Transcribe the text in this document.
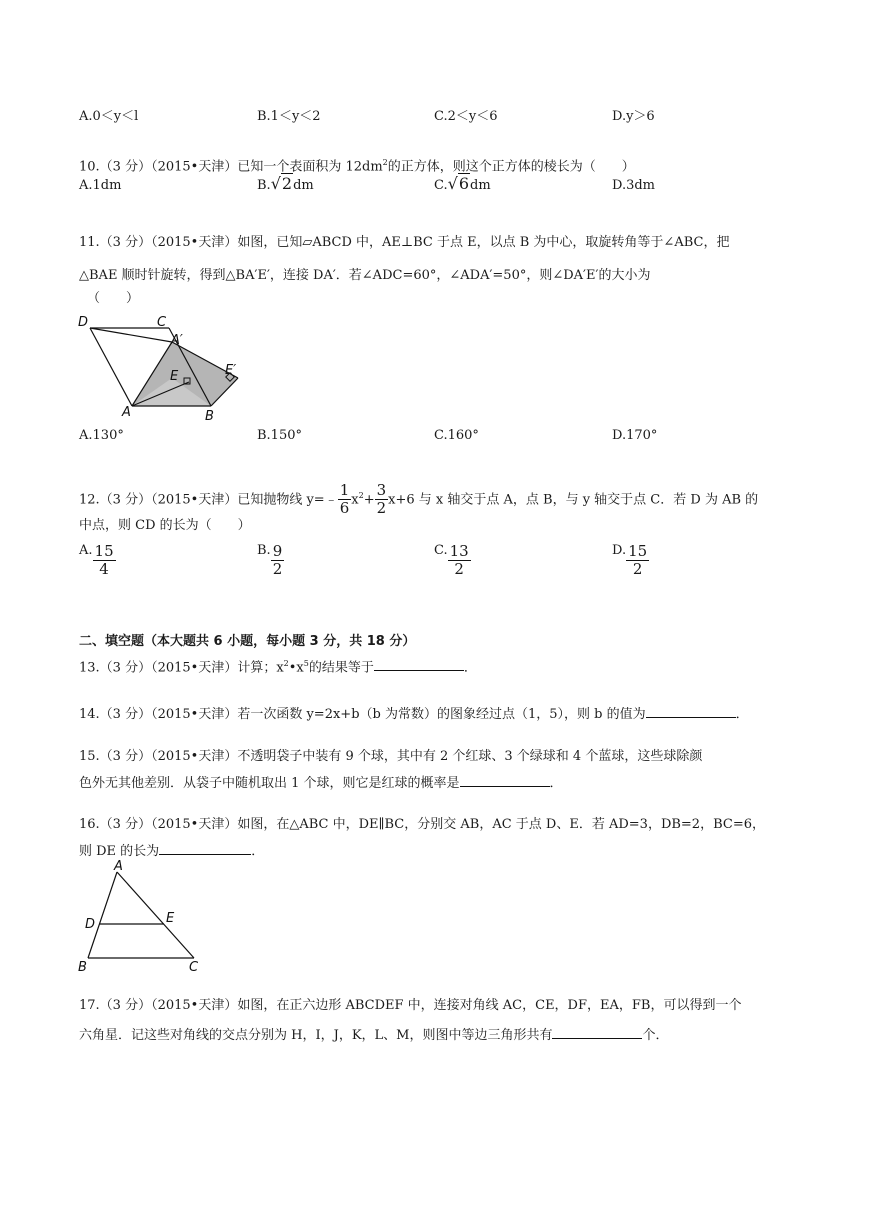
A.0＜y＜l	B.1＜y＜2	C.2＜y＜6	D.y＞6
10.（3 分）（2015•天津）已知一个表面积为 $12dm^2$的正方体，则这个正方体的棱长为（　　）
A.1dm	B.√2dm	C.√6dm	D.3dm
11.（3 分）（2015•天津）如图，已知▱ABCD 中，AE⊥BC 于点 E，以点 B 为中心，取旋转角等于∠ABC，把
△BAE 顺时针旋转，得到△BA′E′，连接 DA′．若∠ADC=60°，∠ADA′=50°，则∠DA′E′的大小为
（　　）
D	C
A′
E	E′
A	B
A.130°	B.150°	C.160°	D.170°
12.（3 分）（2015•天津）已知抛物线 y=﹣ $\frac{1}{6} x^2+ \frac{3}{2} x+6$ 与 x 轴交于点 A，点 B，与 y 轴交于点 C．若 D 为 AB 的
中点，则 CD 的长为（　　）
A. $\frac{15}{4}$	B. $\frac{9}{2}$	C. $\frac{13}{2}$	D. $\frac{15}{2}$
二、填空题（本大题共 6 小题，每小题 3 分，共 18 分）
13.（3 分）（2015•天津）计算；$x^2•x^5$的结果等于	．
14.（3 分）（2015•天津）若一次函数 y=2x+b（b 为常数）的图象经过点（1，5），则 b 的值为	．
15.（3 分）（2015•天津）不透明袋子中装有 9 个球，其中有 2 个红球、3 个绿球和 4 个蓝球，这些球除颜
色外无其他差别．从袋子中随机取出 1 个球，则它是红球的概率是	．
16.（3 分）（2015•天津）如图，在△ABC 中，DE∥BC，分别交 AB，AC 于点 D、E．若 AD=3，DB=2，BC=6，
则 DE 的长为	．
A
D	E
B	C
17.（3 分）（2015•天津）如图，在正六边形 ABCDEF 中，连接对角线 AC，CE，DF，EA，FB，可以得到一个
六角星．记这些对角线的交点分别为 H，I，J，K，L、M，则图中等边三角形共有	个．
